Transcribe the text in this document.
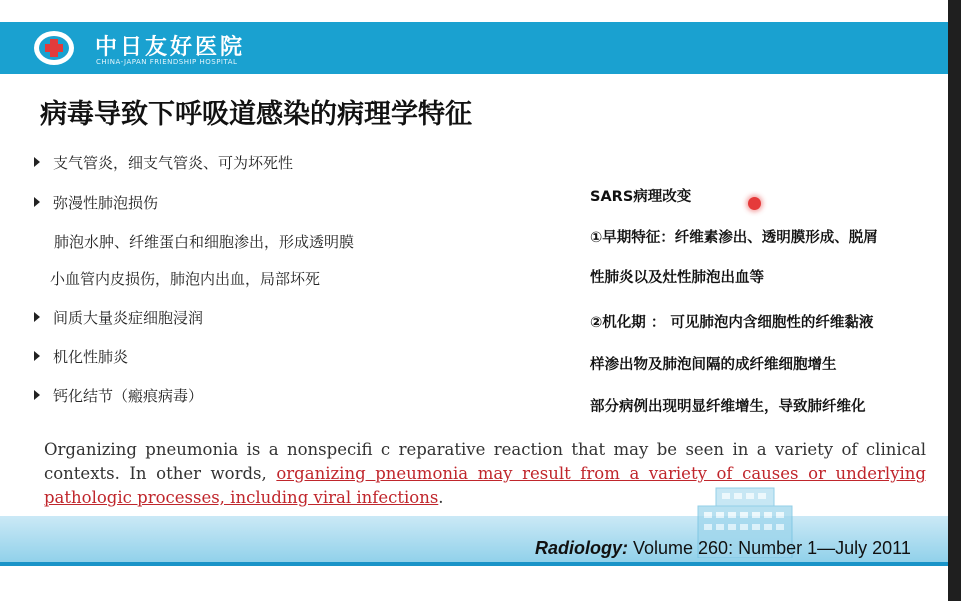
中日友好医院
CHINA-JAPAN FRIENDSHIP HOSPITAL
病毒导致下呼吸道感染的病理学特征
支气管炎，细支气管炎、可为坏死性
弥漫性肺泡损伤
肺泡水肿、纤维蛋白和细胞渗出，形成透明膜
小血管内皮损伤，肺泡内出血，局部坏死
间质大量炎症细胞浸润
机化性肺炎
钙化结节（瘢痕病毒）
SARS病理改变
①早期特征：纤维素渗出、透明膜形成、脱屑
性肺炎以及灶性肺泡出血等
②机化期 ： 可见肺泡内含细胞性的纤维黏液
样渗出物及肺泡间隔的成纤维细胞增生
部分病例出现明显纤维增生，导致肺纤维化
Organizing pneumonia is a nonspecifi c reparative reaction that may be seen in a variety of clinical
contexts. In other words, organizing pneumonia may result from a variety of causes or underlying
pathologic processes, including viral infections.
Radiology: Volume 260: Number 1—July 2011
